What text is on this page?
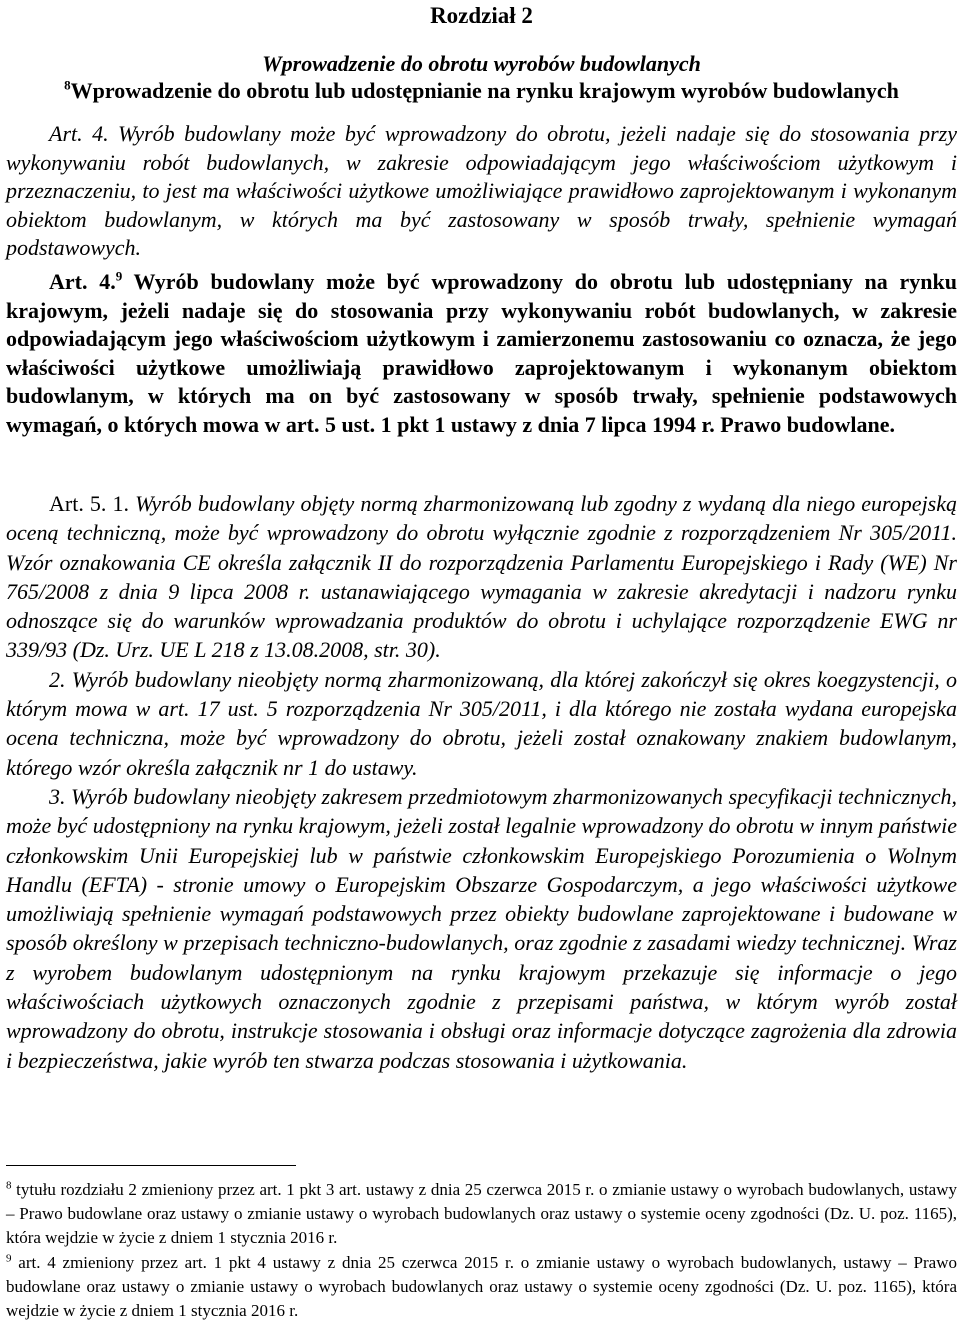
Rozdział 2
Wprowadzenie do obrotu wyrobów budowlanych
$^8$Wprowadzenie do obrotu lub udostępnianie na rynku krajowym wyrobów budowlanych

Art. 4. Wyrób budowlany może być wprowadzony do obrotu, jeżeli nadaje się do stosowania przy wykonywaniu robót budowlanych, w zakresie odpowiadającym jego właściwościom użytkowym i przeznaczeniu, to jest ma właściwości użytkowe umożliwiające prawidłowo zaprojektowanym i wykonanym obiektom budowlanym, w których ma być zastosowany w sposób trwały, spełnienie wymagań podstawowych.

Art. 4.$^9$ Wyrób budowlany może być wprowadzony do obrotu lub udostępniany na rynku krajowym, jeżeli nadaje się do stosowania przy wykonywaniu robót budowlanych, w zakresie odpowiadającym jego właściwościom użytkowym i zamierzonemu zastosowaniu co oznacza, że jego właściwości użytkowe umożliwiają prawidłowo zaprojektowanym i wykonanym obiektom budowlanym, w których ma on być zastosowany w sposób trwały, spełnienie podstawowych wymagań, o których mowa w art. 5 ust. 1 pkt 1 ustawy z dnia 7 lipca 1994 r. Prawo budowlane.

Art. 5. 1. Wyrób budowlany objęty normą zharmonizowaną lub zgodny z wydaną dla niego europejską oceną techniczną, może być wprowadzony do obrotu wyłącznie zgodnie z rozporządzeniem Nr 305/2011. Wzór oznakowania CE określa załącznik II do rozporządzenia Parlamentu Europejskiego i Rady (WE) Nr 765/2008 z dnia 9 lipca 2008 r. ustanawiającego wymagania w zakresie akredytacji i nadzoru rynku odnoszące się do warunków wprowadzania produktów do obrotu i uchylające rozporządzenie EWG nr 339/93 (Dz. Urz. UE L 218 z 13.08.2008, str. 30).

2. Wyrób budowlany nieobjęty normą zharmonizowaną, dla której zakończył się okres koegzystencji, o którym mowa w art. 17 ust. 5 rozporządzenia Nr 305/2011, i dla którego nie została wydana europejska ocena techniczna, może być wprowadzony do obrotu, jeżeli został oznakowany znakiem budowlanym, którego wzór określa załącznik nr 1 do ustawy.

3. Wyrób budowlany nieobjęty zakresem przedmiotowym zharmonizowanych specyfikacji technicznych, może być udostępniony na rynku krajowym, jeżeli został legalnie wprowadzony do obrotu w innym państwie członkowskim Unii Europejskiej lub w państwie członkowskim Europejskiego Porozumienia o Wolnym Handlu (EFTA) - stronie umowy o Europejskim Obszarze Gospodarczym, a jego właściwości użytkowe umożliwiają spełnienie wymagań podstawowych przez obiekty budowlane zaprojektowane i budowane w sposób określony w przepisach techniczno-budowlanych, oraz zgodnie z zasadami wiedzy technicznej. Wraz z wyrobem budowlanym udostępnionym na rynku krajowym przekazuje się informacje o jego właściwościach użytkowych oznaczonych zgodnie z przepisami państwa, w którym wyrób został wprowadzony do obrotu, instrukcje stosowania i obsługi oraz informacje dotyczące zagrożenia dla zdrowia i bezpieczeństwa, jakie wyrób ten stwarza podczas stosowania i użytkowania.

$^8$ tytułu rozdziału 2 zmieniony przez art. 1 pkt 3 art. ustawy z dnia 25 czerwca 2015 r. o zmianie ustawy o wyrobach budowlanych, ustawy – Prawo budowlane oraz ustawy o zmianie ustawy o wyrobach budowlanych oraz ustawy o systemie oceny zgodności (Dz. U. poz. 1165), która wejdzie w życie z dniem 1 stycznia 2016 r.

$^9$ art. 4 zmieniony przez art. 1 pkt 4 ustawy z dnia 25 czerwca 2015 r. o zmianie ustawy o wyrobach budowlanych, ustawy – Prawo budowlane oraz ustawy o zmianie ustawy o wyrobach budowlanych oraz ustawy o systemie oceny zgodności (Dz. U. poz. 1165), która wejdzie w życie z dniem 1 stycznia 2016 r.
